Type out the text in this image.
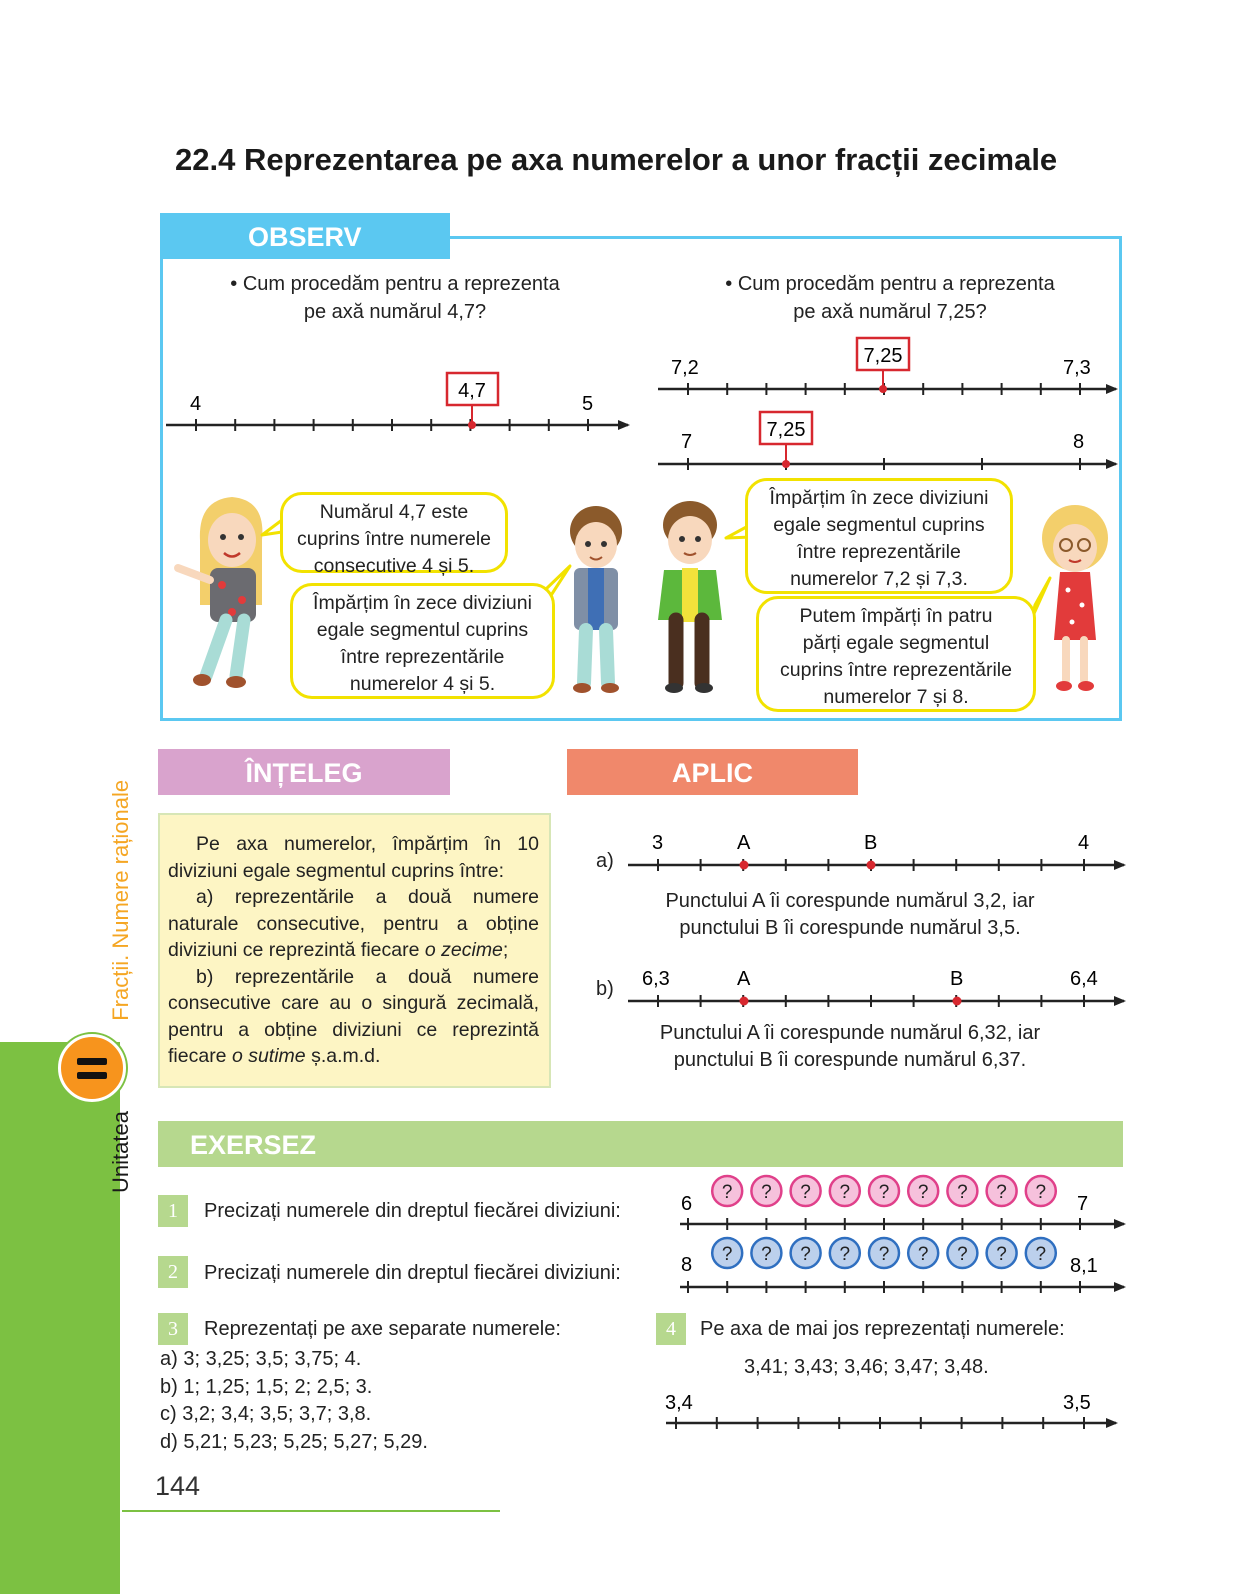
22.4 Reprezentarea pe axa numerelor a unor fracții zecimale
OBSERV
• Cum procedăm pentru a reprezenta
pe axă numărul 4,7?
• Cum procedăm pentru a reprezenta
pe axă numărul 7,25?
4	5
4,7
7,2	7,3
7,25
7	8
7,25
3	4
A	B
6,3	6,4
A	B
6	7
? ? ? ? ? ? ? ? ?
8	8,1
? ? ? ? ? ? ? ? ?
3,4	3,5
Numărul 4,7 este
cuprins între numerele
consecutive 4 și 5.
Împărțim în zece diviziuni
egale segmentul cuprins
între reprezentările
numerelor 4 și 5.
Împărțim în zece diviziuni
egale segmentul cuprins
între reprezentările
numerelor 7,2 și 7,3.
Putem împărți în patru
părți egale segmentul
cuprins între reprezentările
numerelor 7 și 8.
ÎNȚELEG

Pe axa numerelor, împărțim în 10 diviziuni egale segmentul cuprins între:

a) reprezentările a două numere naturale consecutive, pentru a obține diviziuni ce reprezintă fiecare o zecime;

b) reprezentările a două numere consecutive care au o singură zecimală, pentru a obține diviziuni ce reprezintă fiecare o sutime ș.a.m.d.

APLIC
a)
Punctului A îi corespunde numărul 3,2, iar
punctului B îi corespunde numărul 3,5.
b)
Punctului A îi corespunde numărul 6,32, iar
punctului B îi corespunde numărul 6,37.
EXERSEZ
1	Precizați numerele din dreptul fiecărei diviziuni:
2	Precizați numerele din dreptul fiecărei diviziuni:
3	Reprezentați pe axe separate numerele:
a) 3; 3,25; 3,5; 3,75; 4.
b) 1; 1,25; 1,5; 2; 2,5; 3.
c) 3,2; 3,4; 3,5; 3,7; 3,8.
d) 5,21; 5,23; 5,25; 5,27; 5,29.
4	Pe axa de mai jos reprezentați numerele:
3,41; 3,43; 3,46; 3,47; 3,48.
Unitatea  Fracții. Numere raționale
144
